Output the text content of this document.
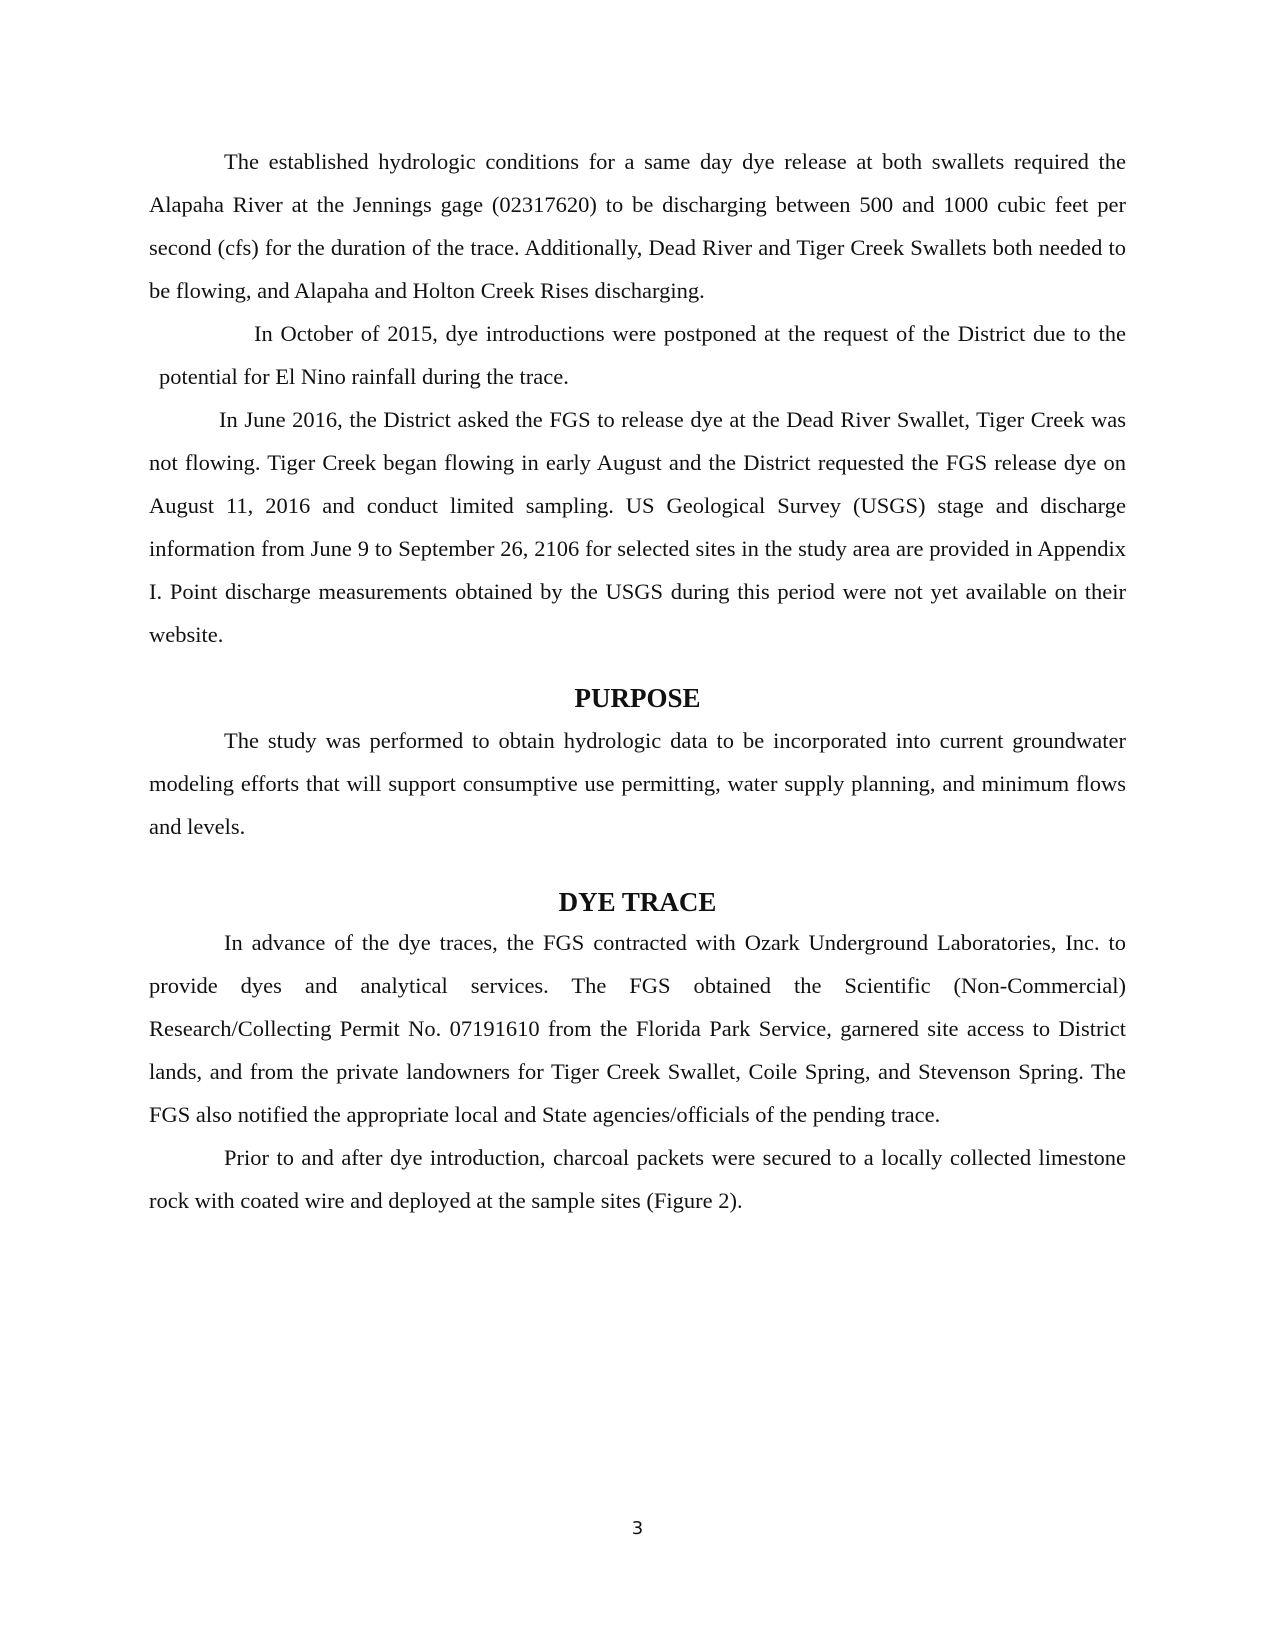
The established hydrologic conditions for a same day dye release at both swallets required the Alapaha River at the Jennings gage (02317620) to be discharging between 500 and 1000 cubic feet per second (cfs) for the duration of the trace. Additionally, Dead River and Tiger Creek Swallets both needed to be flowing, and Alapaha and Holton Creek Rises discharging.

In October of 2015, dye introductions were postponed at the request of the District due to the potential for El Nino rainfall during the trace.

In June 2016, the District asked the FGS to release dye at the Dead River Swallet, Tiger Creek was not flowing. Tiger Creek began flowing in early August and the District requested the FGS release dye on August 11, 2016 and conduct limited sampling. US Geological Survey (USGS) stage and discharge information from June 9 to September 26, 2106 for selected sites in the study area are provided in Appendix I. Point discharge measurements obtained by the USGS during this period were not yet available on their website.

PURPOSE

The study was performed to obtain hydrologic data to be incorporated into current groundwater modeling efforts that will support consumptive use permitting, water supply planning, and minimum flows and levels.

DYE TRACE

In advance of the dye traces, the FGS contracted with Ozark Underground Laboratories, Inc. to provide dyes and analytical services. The FGS obtained the Scientific (Non-Commercial) Research/Collecting Permit No. 07191610 from the Florida Park Service, garnered site access to District lands, and from the private landowners for Tiger Creek Swallet, Coile Spring, and Stevenson Spring. The FGS also notified the appropriate local and State agencies/officials of the pending trace.

Prior to and after dye introduction, charcoal packets were secured to a locally collected limestone rock with coated wire and deployed at the sample sites (Figure 2).

3
